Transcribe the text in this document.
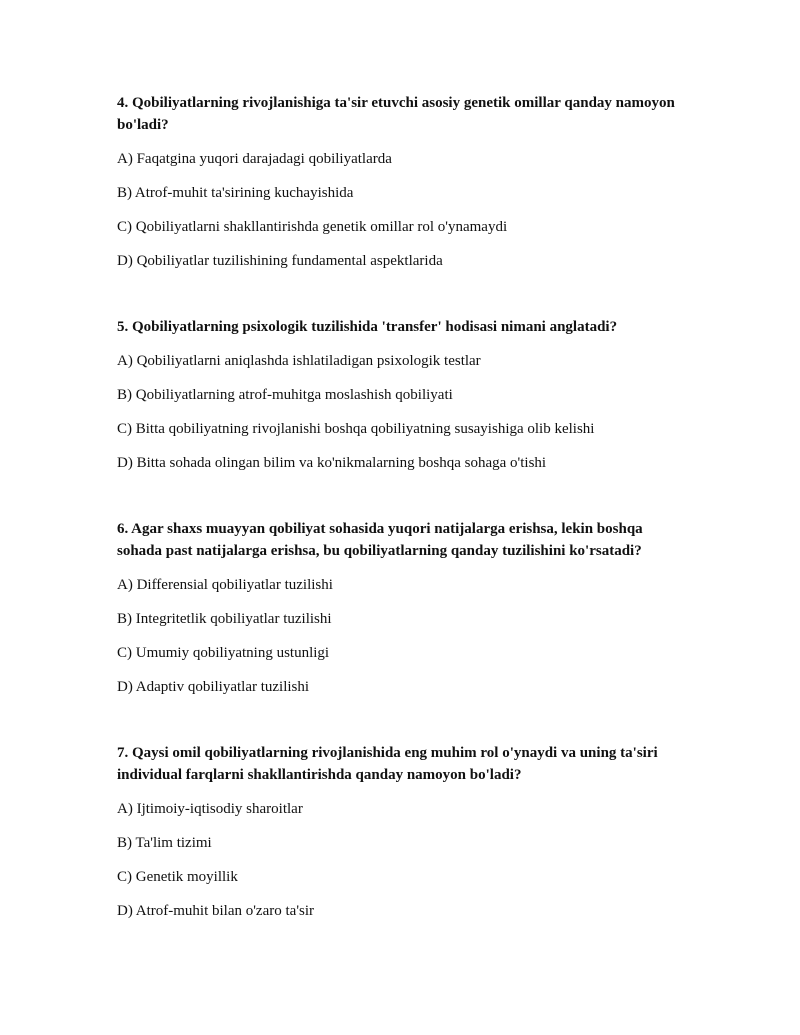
4. Qobiliyatlarning rivojlanishiga ta'sir etuvchi asosiy genetik omillar qanday namoyon bo'ladi?

A) Faqatgina yuqori darajadagi qobiliyatlarda

B) Atrof-muhit ta'sirining kuchayishida

C) Qobiliyatlarni shakllantirishda genetik omillar rol o'ynamaydi

D) Qobiliyatlar tuzilishining fundamental aspektlarida

5. Qobiliyatlarning psixologik tuzilishida 'transfer' hodisasi nimani anglatadi?

A) Qobiliyatlarni aniqlashda ishlatiladigan psixologik testlar

B) Qobiliyatlarning atrof-muhitga moslashish qobiliyati

C) Bitta qobiliyatning rivojlanishi boshqa qobiliyatning susayishiga olib kelishi

D) Bitta sohada olingan bilim va ko'nikmalarning boshqa sohaga o'tishi

6. Agar shaxs muayyan qobiliyat sohasida yuqori natijalarga erishsa, lekin boshqa sohada past natijalarga erishsa, bu qobiliyatlarning qanday tuzilishini ko'rsatadi?

A) Differensial qobiliyatlar tuzilishi

B) Integritetlik qobiliyatlar tuzilishi

C) Umumiy qobiliyatning ustunligi

D) Adaptiv qobiliyatlar tuzilishi

7. Qaysi omil qobiliyatlarning rivojlanishida eng muhim rol o'ynaydi va uning ta'siri individual farqlarni shakllantirishda qanday namoyon bo'ladi?

A) Ijtimoiy-iqtisodiy sharoitlar

B) Ta'lim tizimi

C) Genetik moyillik

D) Atrof-muhit bilan o'zaro ta'sir
